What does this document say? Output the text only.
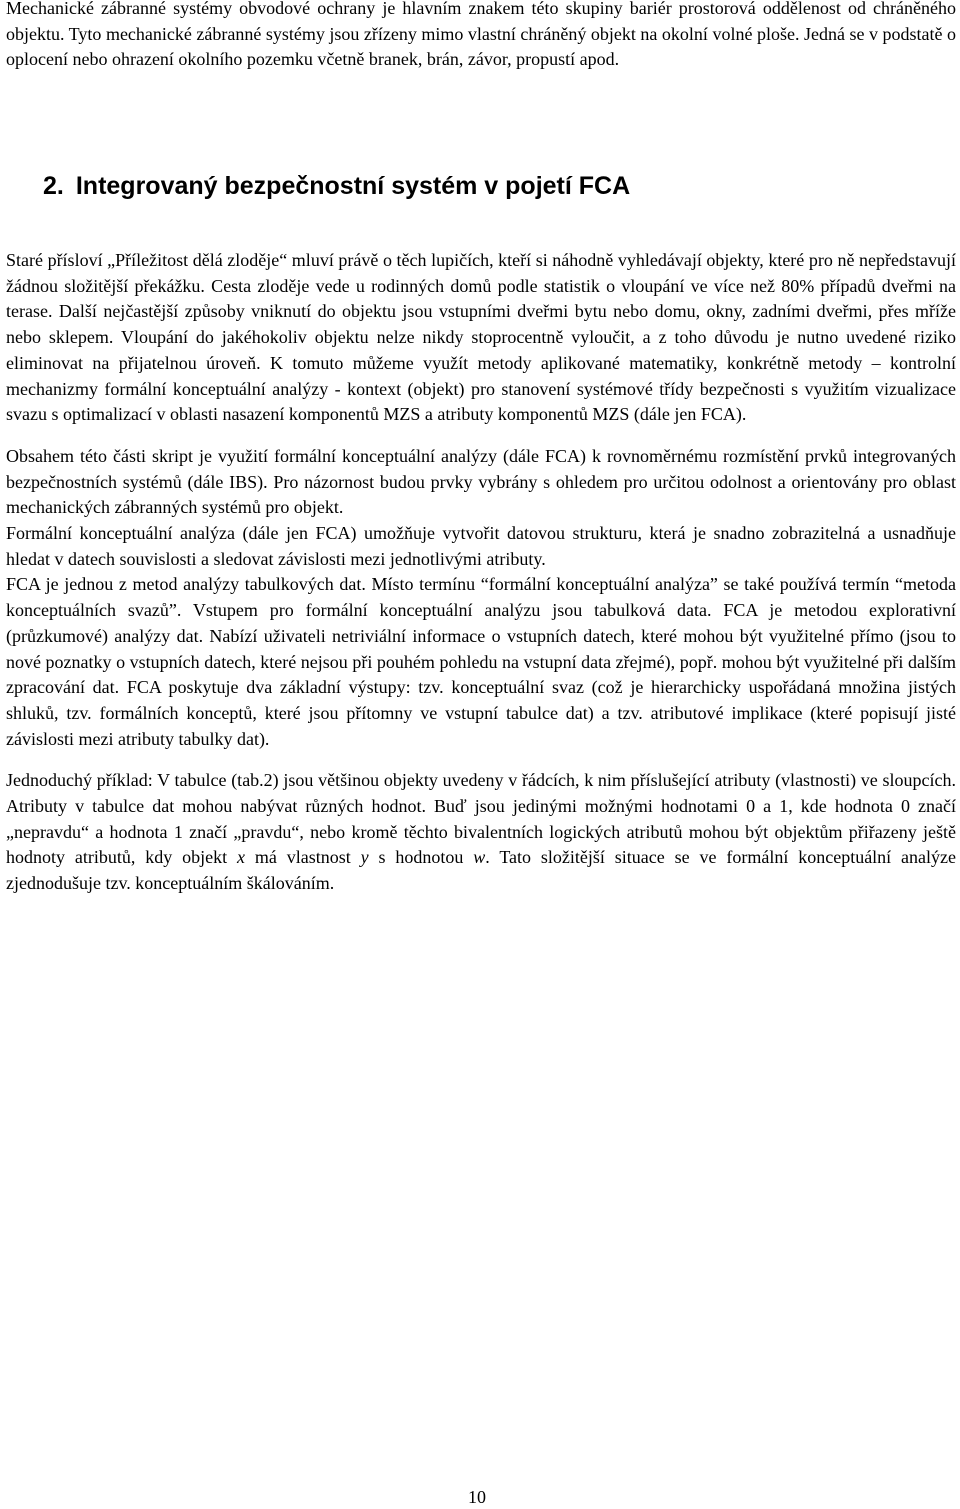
Mechanické zábranné systémy obvodové ochrany je hlavním znakem této skupiny bariér prostorová oddělenost od chráněného objektu. Tyto mechanické zábranné systémy jsou zřízeny mimo vlastní chráněný objekt na okolní volné ploše. Jedná se v podstatě o oplocení nebo ohrazení okolního pozemku včetně branek, brán, závor, propustí apod.

2. Integrovaný bezpečnostní systém v pojetí FCA

Staré přísloví „Příležitost dělá zloděje“ mluví právě o těch lupičích, kteří si náhodně vyhledávají objekty, které pro ně nepředstavují žádnou složitější překážku. Cesta zloděje vede u rodinných domů podle statistik o vloupání ve více než 80% případů dveřmi na terase. Další nejčastější způsoby vniknutí do objektu jsou vstupními dveřmi bytu nebo domu, okny, zadními dveřmi, přes mříže nebo sklepem. Vloupání do jakéhokoliv objektu nelze nikdy stoprocentně vyloučit, a z toho důvodu je nutno uvedené riziko eliminovat na přijatelnou úroveň. K tomuto můžeme využít metody aplikované matematiky, konkrétně metody – kontrolní mechanizmy formální konceptuální analýzy - kontext (objekt) pro stanovení systémové třídy bezpečnosti s využitím vizualizace svazu s optimalizací v oblasti nasazení komponentů MZS a atributy komponentů MZS (dále jen FCA).

Obsahem této části skript je využití formální konceptuální analýzy (dále FCA) k rovnoměrnému rozmístění prvků integrovaných bezpečnostních systémů (dále IBS). Pro názornost budou prvky vybrány s ohledem pro určitou odolnost a orientovány pro oblast mechanických zábranných systémů pro objekt.

Formální konceptuální analýza (dále jen FCA) umožňuje vytvořit datovou strukturu, která je snadno zobrazitelná a usnadňuje hledat v datech souvislosti a sledovat závislosti mezi jednotlivými atributy.

FCA je jednou z metod analýzy tabulkových dat. Místo termínu “formální konceptuální analýza” se také používá termín “metoda konceptuálních svazů”. Vstupem pro formální konceptuální analýzu jsou tabulková data. FCA je metodou explorativní (průzkumové) analýzy dat. Nabízí uživateli netriviální informace o vstupních datech, které mohou být využitelné přímo (jsou to nové poznatky o vstupních datech, které nejsou při pouhém pohledu na vstupní data zřejmé), popř. mohou být využitelné při dalším zpracování dat. FCA poskytuje dva základní výstupy: tzv. konceptuální svaz (což je hierarchicky uspořádaná množina jistých shluků, tzv. formálních konceptů, které jsou přítomny ve vstupní tabulce dat) a tzv. atributové implikace (které popisují jisté závislosti mezi atributy tabulky dat).

Jednoduchý příklad: V tabulce (tab.2) jsou většinou objekty uvedeny v řádcích, k nim příslušející atributy (vlastnosti) ve sloupcích. Atributy v tabulce dat mohou nabývat různých hodnot. Buď jsou jedinými možnými hodnotami 0 a 1, kde hodnota 0 značí „nepravdu“ a hodnota 1 značí „pravdu“, nebo kromě těchto bivalentních logických atributů mohou být objektům přiřazeny ještě hodnoty atributů, kdy objekt x má vlastnost y s hodnotou w. Tato složitější situace se ve formální konceptuální analýze zjednodušuje tzv. konceptuálním škálováním.

10
